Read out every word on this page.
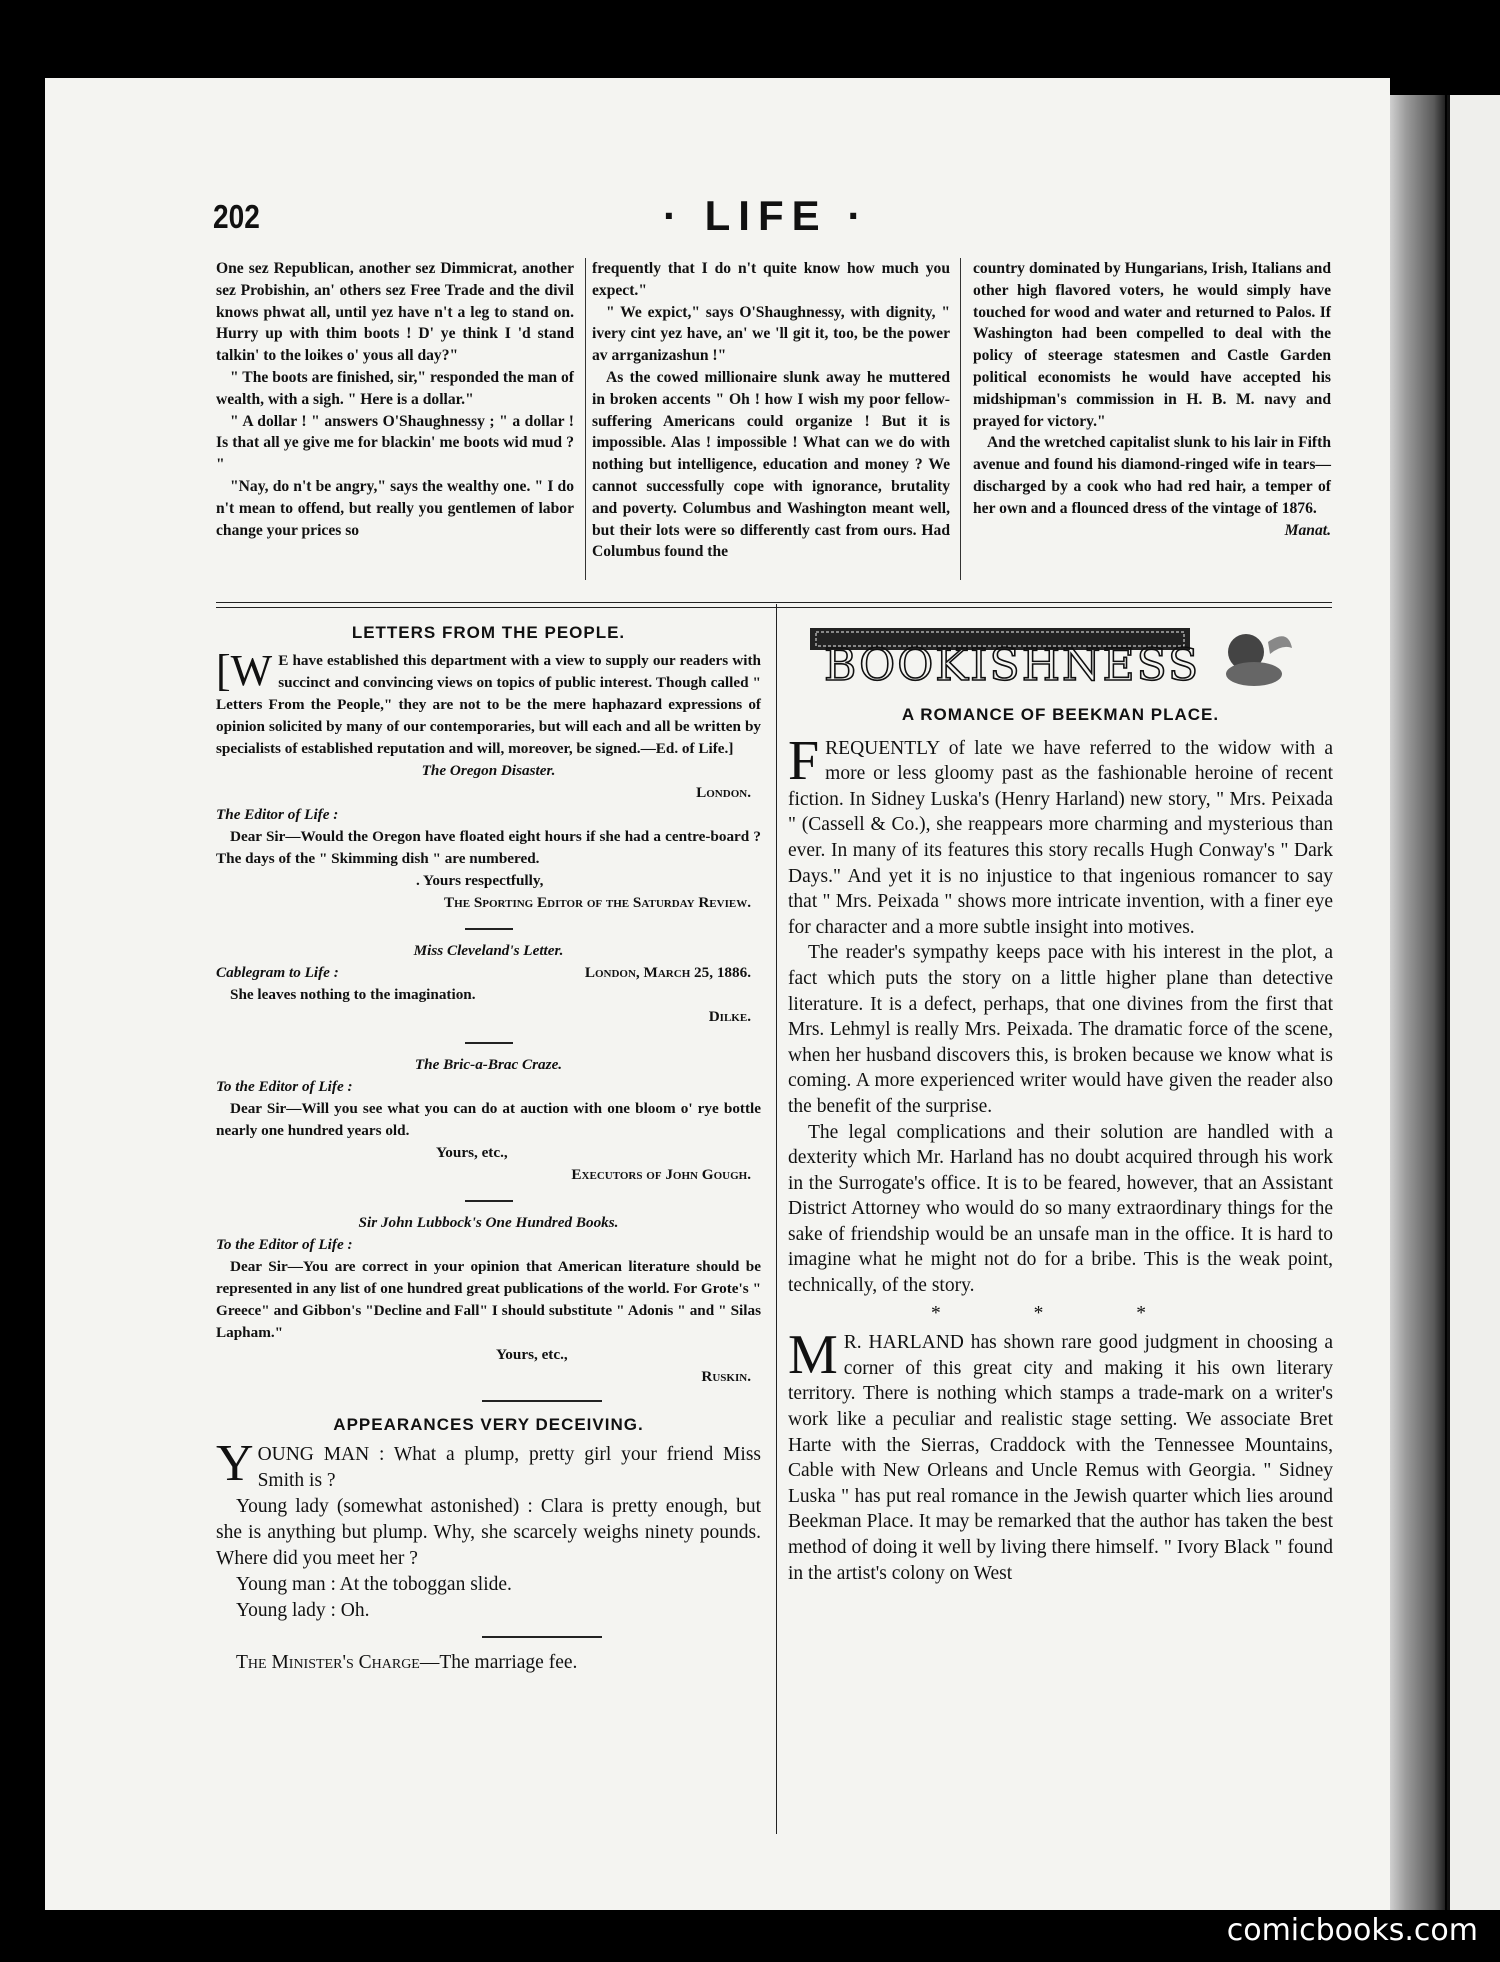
202	· LIFE ·

One sez Republican, another sez Dimmicrat, another sez Probishin, an' others sez Free Trade and the divil knows phwat all, until yez have n't a leg to stand on. Hurry up with thim boots ! D' ye think I 'd stand talkin' to the loikes o' yous all day?"

" The boots are finished, sir," responded the man of wealth, with a sigh. " Here is a dollar."

" A dollar ! " answers O'Shaughnessy ; " a dollar ! Is that all ye give me for blackin' me boots wid mud ? "

"Nay, do n't be angry," says the wealthy one. " I do n't mean to offend, but really you gentlemen of labor change your prices so

frequently that I do n't quite know how much you expect."

" We expict," says O'Shaughnessy, with dignity, " ivery cint yez have, an' we 'll git it, too, be the power av arrganizashun !"

As the cowed millionaire slunk away he muttered in broken accents " Oh ! how I wish my poor fellow-suffering Americans could organize ! But it is impossible. Alas ! impossible ! What can we do with nothing but intelligence, education and money ? We cannot successfully cope with ignorance, brutality and poverty. Columbus and Washington meant well, but their lots were so differently cast from ours. Had Columbus found the

country dominated by Hungarians, Irish, Italians and other high flavored voters, he would simply have touched for wood and water and returned to Palos. If Washington had been compelled to deal with the policy of steerage statesmen and Castle Garden political economists he would have accepted his midshipman's commission in H. B. M. navy and prayed for victory."

And the wretched capitalist slunk to his lair in Fifth avenue and found his diamond-ringed wife in tears—discharged by a cook who had red hair, a temper of her own and a flounced dress of the vintage of 1876.

Manat.

LETTERS FROM THE PEOPLE.

[W E have established this department with a view to supply our readers with succinct and convincing views on topics of public interest. Though called " Letters From the People," they are not to be the mere haphazard expressions of opinion solicited by many of our contemporaries, but will each and all be written by specialists of established reputation and will, moreover, be signed.—Ed. of Life.]

The Oregon Disaster.

London.

The Editor of Life :

Dear Sir—Would the Oregon have floated eight hours if she had a centre-board ? The days of the " Skimming dish " are numbered.

. Yours respectfully,

The Sporting Editor of the Saturday Review.

Miss Cleveland's Letter.

Cablegram to Life :	London, March 25, 1886.

She leaves nothing to the imagination.

Dilke.

The Bric-a-Brac Craze.

To the Editor of Life :

Dear Sir—Will you see what you can do at auction with one bloom o' rye bottle nearly one hundred years old.

Yours, etc.,

Executors of John Gough.

Sir John Lubbock's One Hundred Books.

To the Editor of Life :

Dear Sir—You are correct in your opinion that American literature should be represented in any list of one hundred great publications of the world. For Grote's " Greece" and Gibbon's "Decline and Fall" I should substitute " Adonis " and " Silas Lapham."

Yours, etc.,

Ruskin.

APPEARANCES VERY DECEIVING.

YOUNG MAN : What a plump, pretty girl your friend Miss Smith is ?

Young lady (somewhat astonished) : Clara is pretty enough, but she is anything but plump. Why, she scarcely weighs ninety pounds. Where did you meet her ?

Young man : At the toboggan slide.

Young lady : Oh.

The Minister's Charge—The marriage fee.

BOOKISHNESS
A ROMANCE OF BEEKMAN PLACE.

FREQUENTLY of late we have referred to the widow with a more or less gloomy past as the fashionable heroine of recent fiction. In Sidney Luska's (Henry Harland) new story, " Mrs. Peixada " (Cassell & Co.), she reappears more charming and mysterious than ever. In many of its features this story recalls Hugh Conway's " Dark Days." And yet it is no injustice to that ingenious romancer to say that " Mrs. Peixada " shows more intricate invention, with a finer eye for character and a more subtle insight into motives.

The reader's sympathy keeps pace with his interest in the plot, a fact which puts the story on a little higher plane than detective literature. It is a defect, perhaps, that one divines from the first that Mrs. Lehmyl is really Mrs. Peixada. The dramatic force of the scene, when her husband discovers this, is broken because we know what is coming. A more experienced writer would have given the reader also the benefit of the surprise.

The legal complications and their solution are handled with a dexterity which Mr. Harland has no doubt acquired through his work in the Surrogate's office. It is to be feared, however, that an Assistant District Attorney who would do so many extraordinary things for the sake of friendship would be an unsafe man in the office. It is hard to imagine what he might not do for a bribe. This is the weak point, technically, of the story.

* * *

M R. HARLAND has shown rare good judgment in choosing a corner of this great city and making it his own literary territory. There is nothing which stamps a trade-mark on a writer's work like a peculiar and realistic stage setting. We associate Bret Harte with the Sierras, Craddock with the Tennessee Mountains, Cable with New Orleans and Uncle Remus with Georgia. " Sidney Luska " has put real romance in the Jewish quarter which lies around Beekman Place. It may be remarked that the author has taken the best method of doing it well by living there himself. " Ivory Black " found in the artist's colony on West

comicbooks.com
